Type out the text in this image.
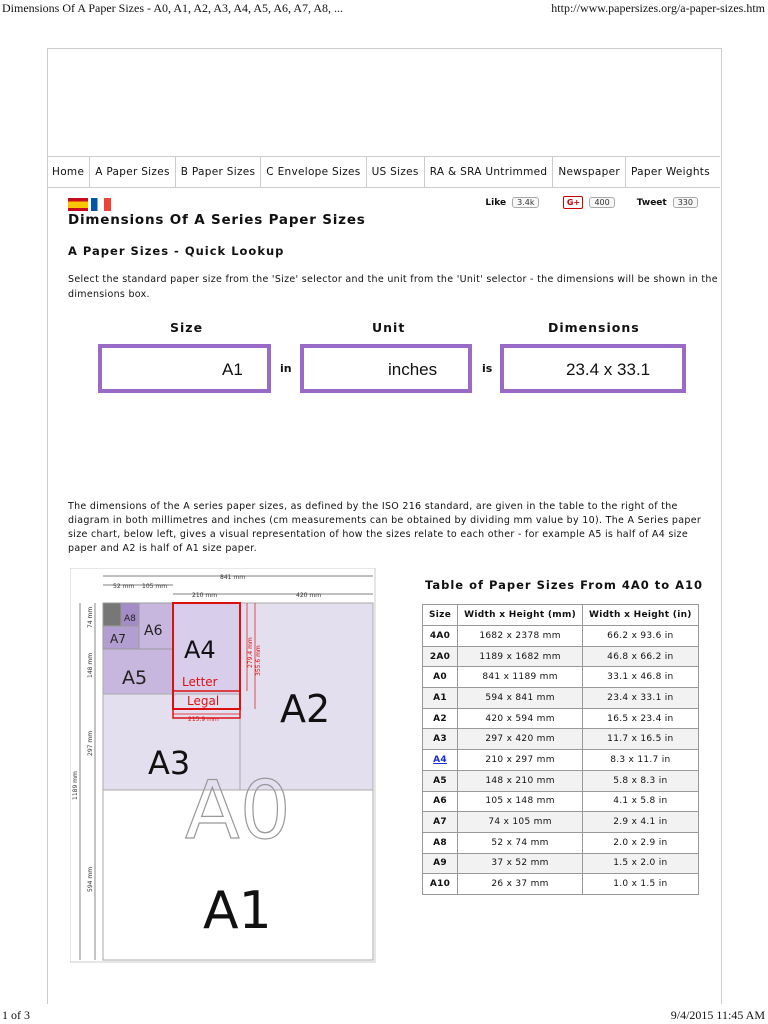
Dimensions Of A Paper Sizes - A0, A1, A2, A3, A4, A5, A6, A7, A8, ...	http://www.papersizes.org/a-paper-sizes.htm
Home	A Paper Sizes	B Paper Sizes	C Envelope Sizes	US Sizes	RA & SRA Untrimmed	Newspaper	Paper Weights
Like	3.4k	G+	400	Tweet	330
Dimensions Of A Series Paper Sizes
A Paper Sizes - Quick Lookup
Select the standard paper size from the 'Size' selector and the unit from the 'Unit' selector - the dimensions will be shown in the dimensions box.
Size	Unit	Dimensions
A1	in	inches	is	23.4 x 33.1
The dimensions of the A series paper sizes, as defined by the ISO 216 standard, are given in the table to the right of the diagram in both millimetres and inches (cm measurements can be obtained by dividing mm value by 10). The A Series paper size chart, below left, gives a visual representation of how the sizes relate to each other - for example A5 is half of A4 size paper and A2 is half of A1 size paper.
841 mm
52 mm 105 mm
210 mm	420 mm
74 mm
148 mm
297 mm
1189 mm
594 mm
279.4 mm 355.6 mm
215.9 mm
A8
A7 A6
A5
A4
Letter
Legal
A3
A2
A0
A1
Table of Paper Sizes From 4A0 to A10
Size	Width x Height (mm)	Width x Height (in)
4A0	1682 x 2378 mm	66.2 x 93.6 in
2A0	1189 x 1682 mm	46.8 x 66.2 in
A0	841 x 1189 mm	33.1 x 46.8 in
A1	594 x 841 mm	23.4 x 33.1 in
A2	420 x 594 mm	16.5 x 23.4 in
A3	297 x 420 mm	11.7 x 16.5 in
A4	210 x 297 mm	8.3 x 11.7 in
A5	148 x 210 mm	5.8 x 8.3 in
A6	105 x 148 mm	4.1 x 5.8 in
A7	74 x 105 mm	2.9 x 4.1 in
A8	52 x 74 mm	2.0 x 2.9 in
A9	37 x 52 mm	1.5 x 2.0 in
A10	26 x 37 mm	1.0 x 1.5 in
1 of 3	9/4/2015 11:45 AM
